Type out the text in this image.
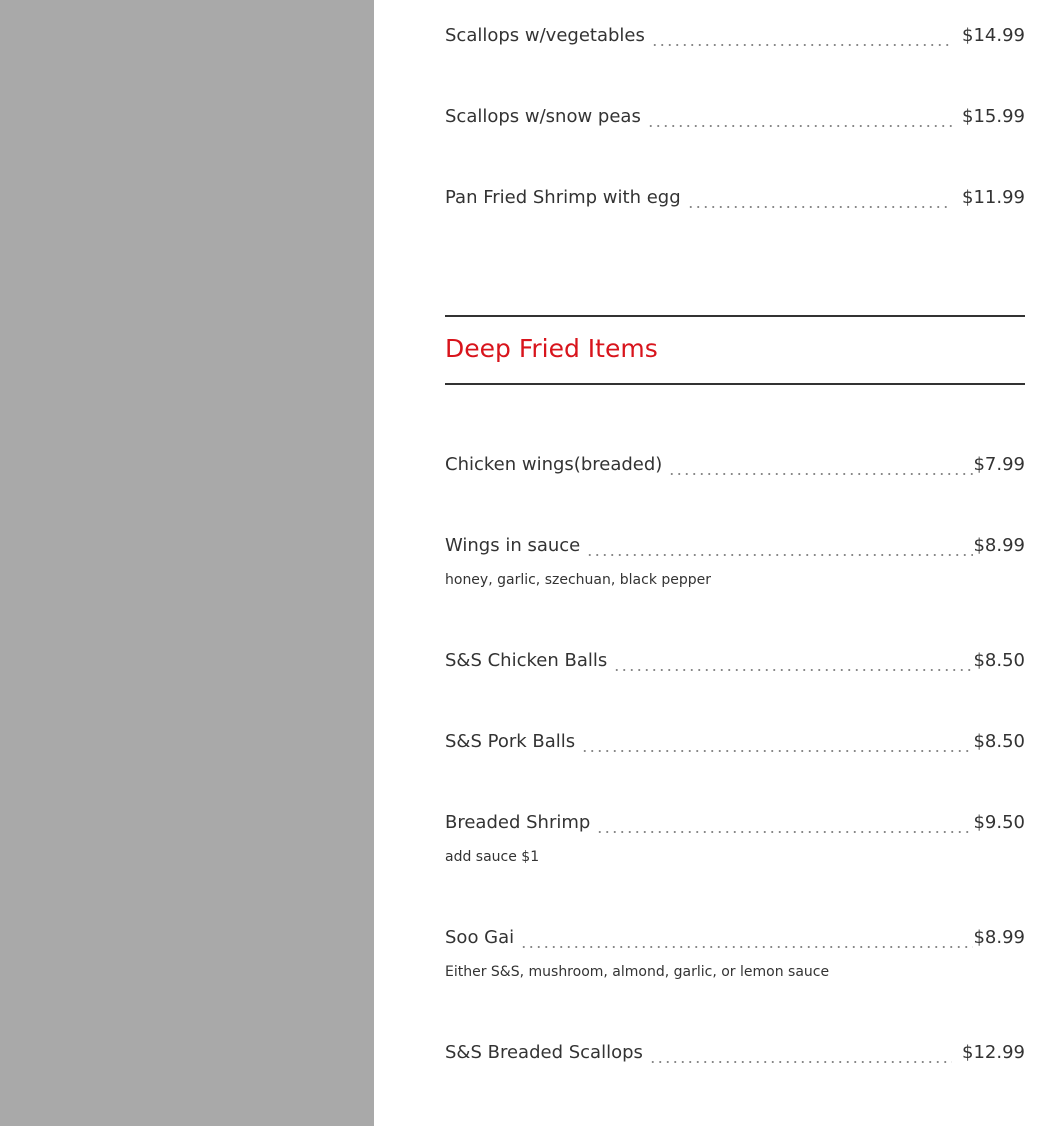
Scallops w/vegetables	$14.99
Scallops w/snow peas	$15.99
Pan Fried Shrimp with egg	$11.99
Deep Fried Items
Chicken wings(breaded)	$7.99
Wings in sauce	$8.99
honey, garlic, szechuan, black pepper
S&S Chicken Balls	$8.50
S&S Pork Balls	$8.50
Breaded Shrimp	$9.50
add sauce $1
Soo Gai	$8.99
Either S&S, mushroom, almond, garlic, or lemon sauce
S&S Breaded Scallops	$12.99
